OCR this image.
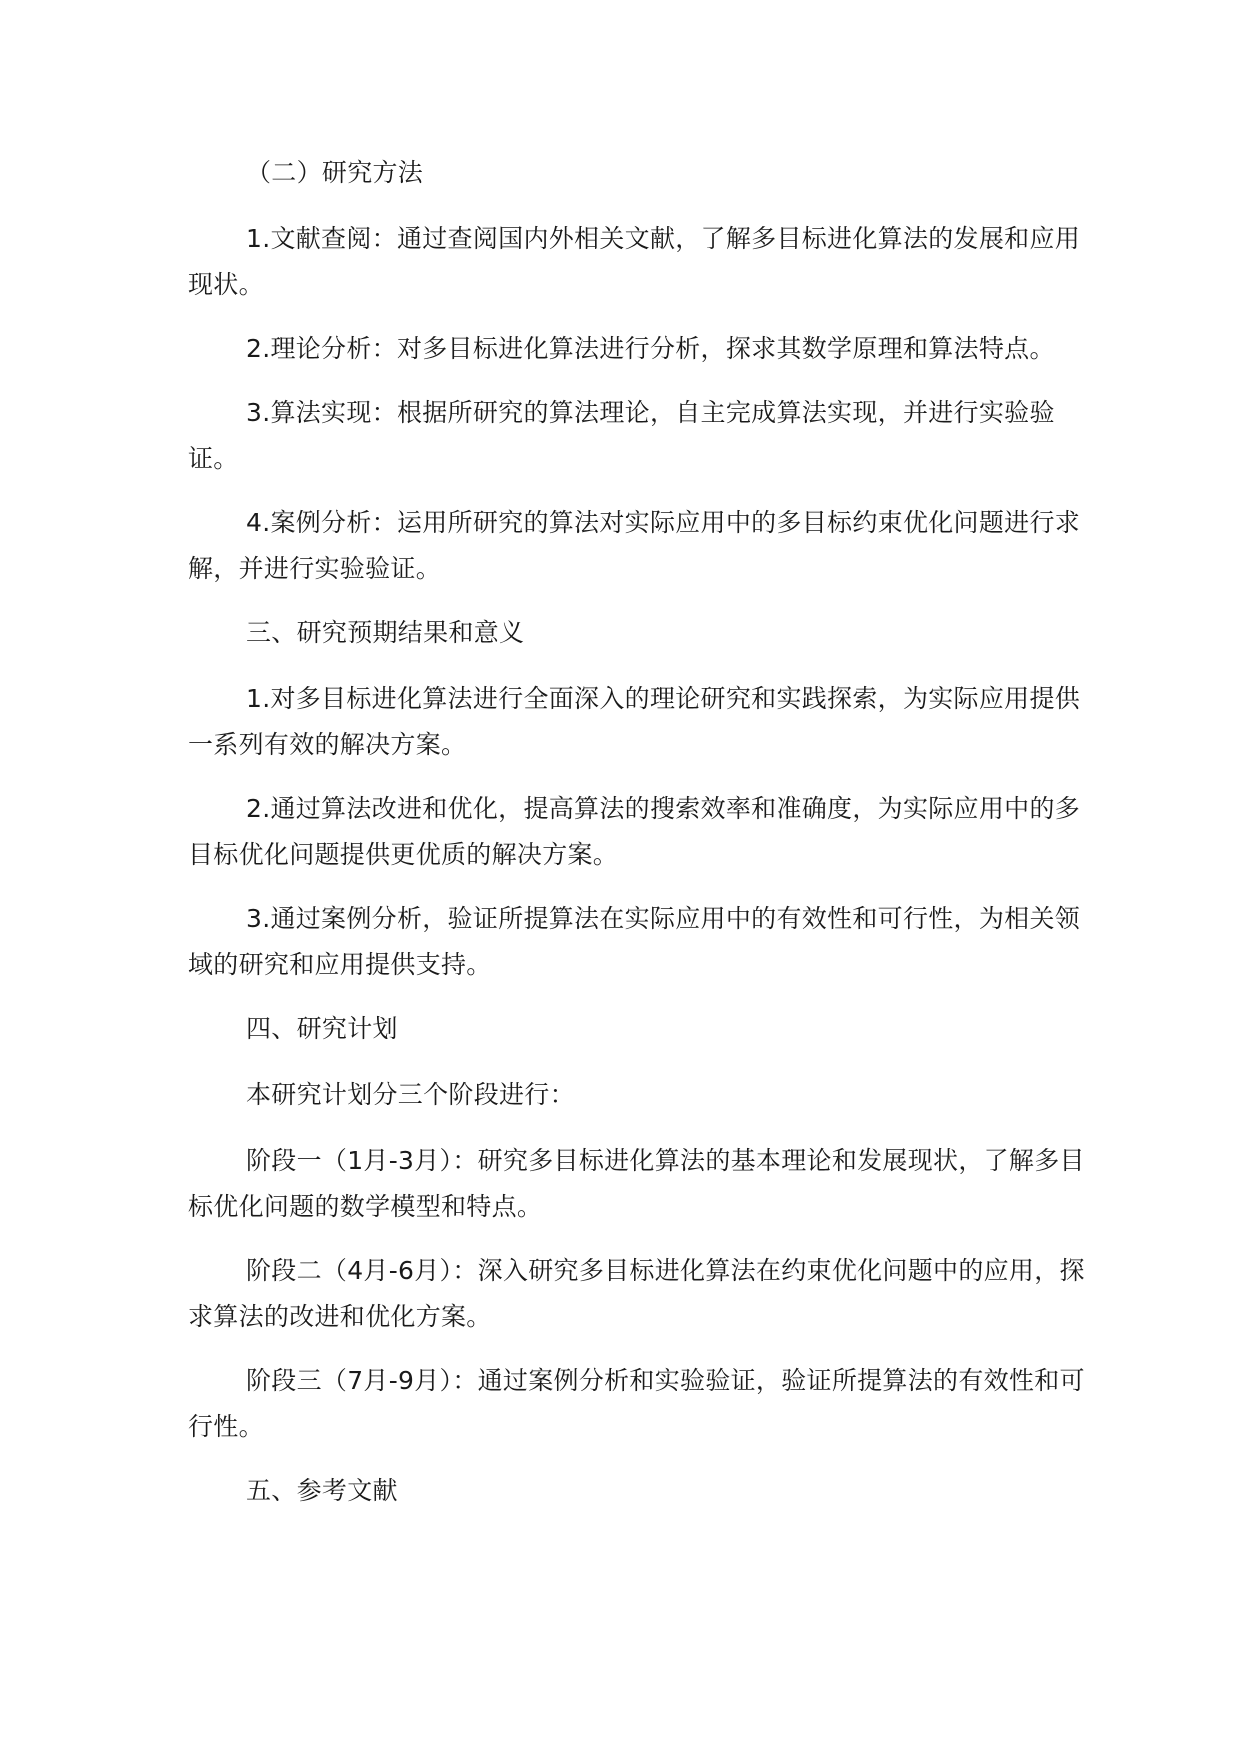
（二）研究方法

1.文献查阅：通过查阅国内外相关文献，了解多目标进化算法的发展和应用现状。

2.理论分析：对多目标进化算法进行分析，探求其数学原理和算法特点。

3.算法实现：根据所研究的算法理论，自主完成算法实现，并进行实验验证。

4.案例分析：运用所研究的算法对实际应用中的多目标约束优化问题进行求解，并进行实验验证。

三、研究预期结果和意义

1.对多目标进化算法进行全面深入的理论研究和实践探索，为实际应用提供一系列有效的解决方案。

2.通过算法改进和优化，提高算法的搜索效率和准确度，为实际应用中的多目标优化问题提供更优质的解决方案。

3.通过案例分析，验证所提算法在实际应用中的有效性和可行性，为相关领域的研究和应用提供支持。

四、研究计划

本研究计划分三个阶段进行：

阶段一（1月-3月）：研究多目标进化算法的基本理论和发展现状，了解多目标优化问题的数学模型和特点。

阶段二（4月-6月）：深入研究多目标进化算法在约束优化问题中的应用，探求算法的改进和优化方案。

阶段三（7月-9月）：通过案例分析和实验验证，验证所提算法的有效性和可行性。

五、参考文献
